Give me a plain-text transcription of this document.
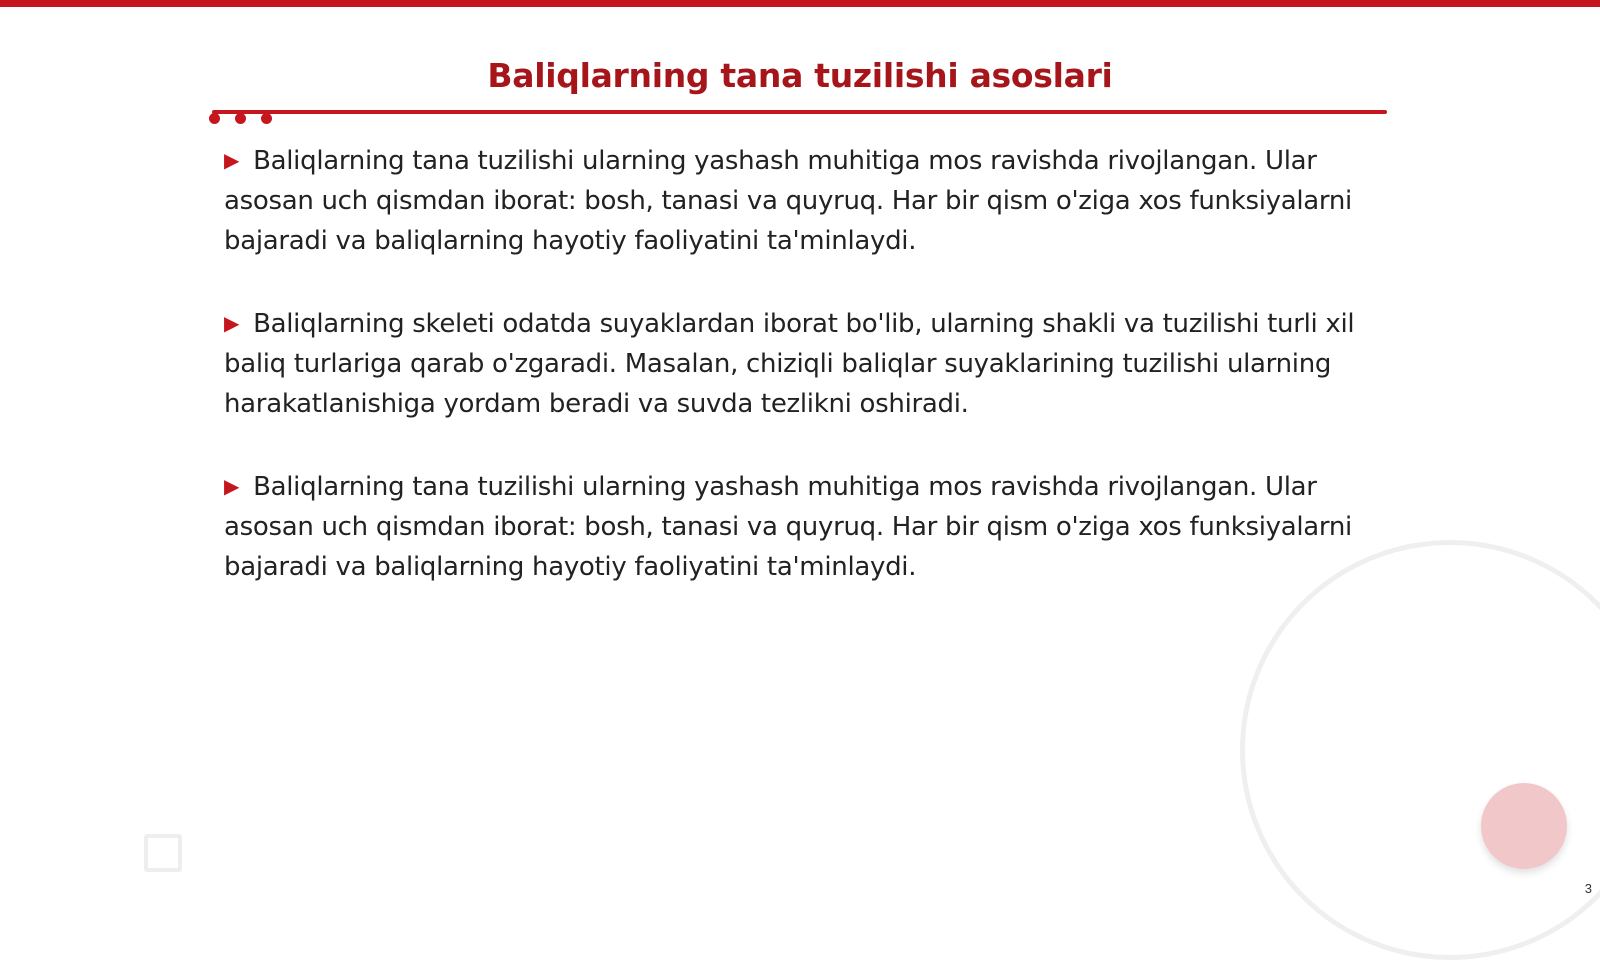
Baliqlarning tana tuzilishi asoslari

▶ Baliqlarning tana tuzilishi ularning yashash muhitiga mos ravishda rivojlangan. Ular asosan uch qismdan iborat: bosh, tanasi va quyruq. Har bir qism o'ziga xos funksiyalarni bajaradi va baliqlarning hayotiy faoliyatini ta'minlaydi.

▶ Baliqlarning skeleti odatda suyaklardan iborat bo'lib, ularning shakli va tuzilishi turli xil baliq turlariga qarab o'zgaradi. Masalan, chiziqli baliqlar suyaklarining tuzilishi ularning harakatlanishiga yordam beradi va suvda tezlikni oshiradi.

▶ Baliqlarning tana tuzilishi ularning yashash muhitiga mos ravishda rivojlangan. Ular asosan uch qismdan iborat: bosh, tanasi va quyruq. Har bir qism o'ziga xos funksiyalarni bajaradi va baliqlarning hayotiy faoliyatini ta'minlaydi.

3
